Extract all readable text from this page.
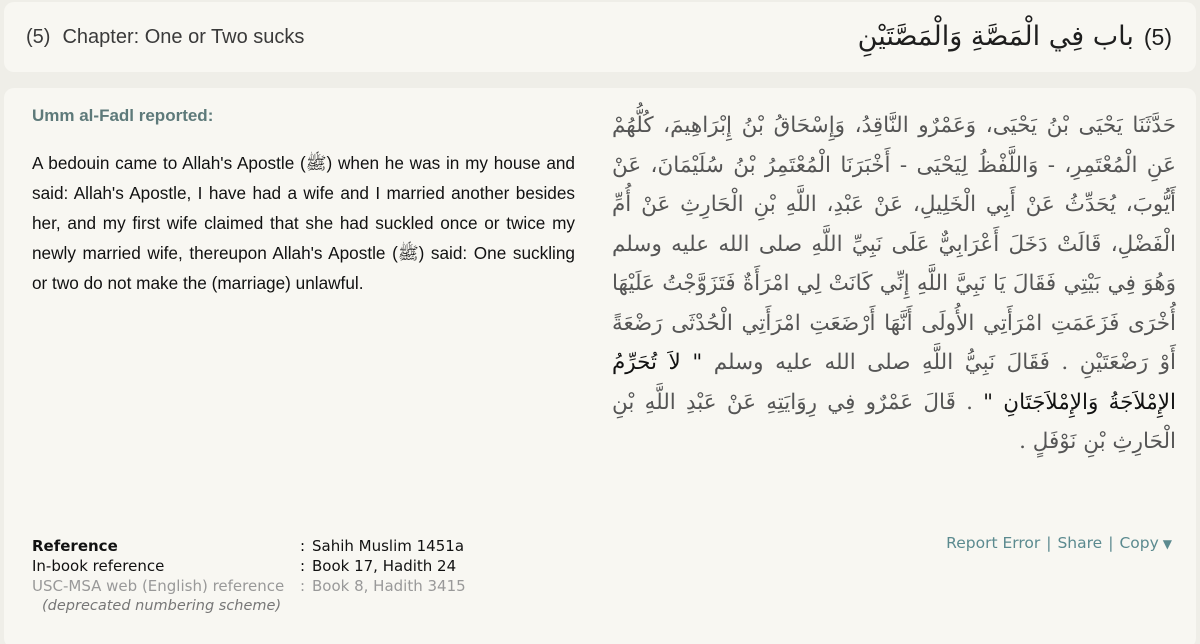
(5) Chapter: One or Two sucks	(5)باب فِي الْمَصَّةِ وَالْمَصَّتَيْنِ
Umm al-Fadl reported:
A bedouin came to Allah's Apostle (ﷺ) when he was in my house and said: Allah's Apostle, I have had a wife and I married another besides her, and my first wife claimed that she had suckled once or twice my newly married wife, thereupon Allah's Apostle (ﷺ) said: One suckling or two do not make the (marriage) unlawful.
حَدَّثَنَا يَحْيَى بْنُ يَحْيَى، وَعَمْرٌو النَّاقِدُ، وَإِسْحَاقُ بْنُ إِبْرَاهِيمَ، كُلُّهُمْ عَنِ الْمُعْتَمِرِ، - وَاللَّفْظُ لِيَحْيَى - أَخْبَرَنَا الْمُعْتَمِرُ بْنُ سُلَيْمَانَ، عَنْ أَيُّوبَ، يُحَدِّثُ عَنْ أَبِي الْخَلِيلِ، عَنْ عَبْدِ، اللَّهِ بْنِ الْحَارِثِ عَنْ أُمِّ الْفَضْلِ، قَالَتْ دَخَلَ أَعْرَابِيٌّ عَلَى نَبِيِّ اللَّهِ صلى الله عليه وسلم وَهُوَ فِي بَيْتِي فَقَالَ يَا نَبِيَّ اللَّهِ إِنِّي كَانَتْ لِي امْرَأَةٌ فَتَزَوَّجْتُ عَلَيْهَا أُخْرَى فَزَعَمَتِ امْرَأَتِي الأُولَى أَنَّهَا أَرْضَعَتِ امْرَأَتِي الْحُدْثَى رَضْعَةً أَوْ رَضْعَتَيْنِ . فَقَالَ نَبِيُّ اللَّهِ صلى الله عليه وسلم " لاَ تُحَرِّمُ الإِمْلاَجَةُ وَالإِمْلاَجَتَانِ " . قَالَ عَمْرٌو فِي رِوَايَتِهِ عَنْ عَبْدِ اللَّهِ بْنِ الْحَارِثِ بْنِ نَوْفَلٍ .
Reference	: Sahih Muslim 1451a
In-book reference	: Book 17, Hadith 24
USC-MSA web (English) reference	: Book 8, Hadith 3415
(deprecated numbering scheme)
Report Error | Share | Copy ▼
